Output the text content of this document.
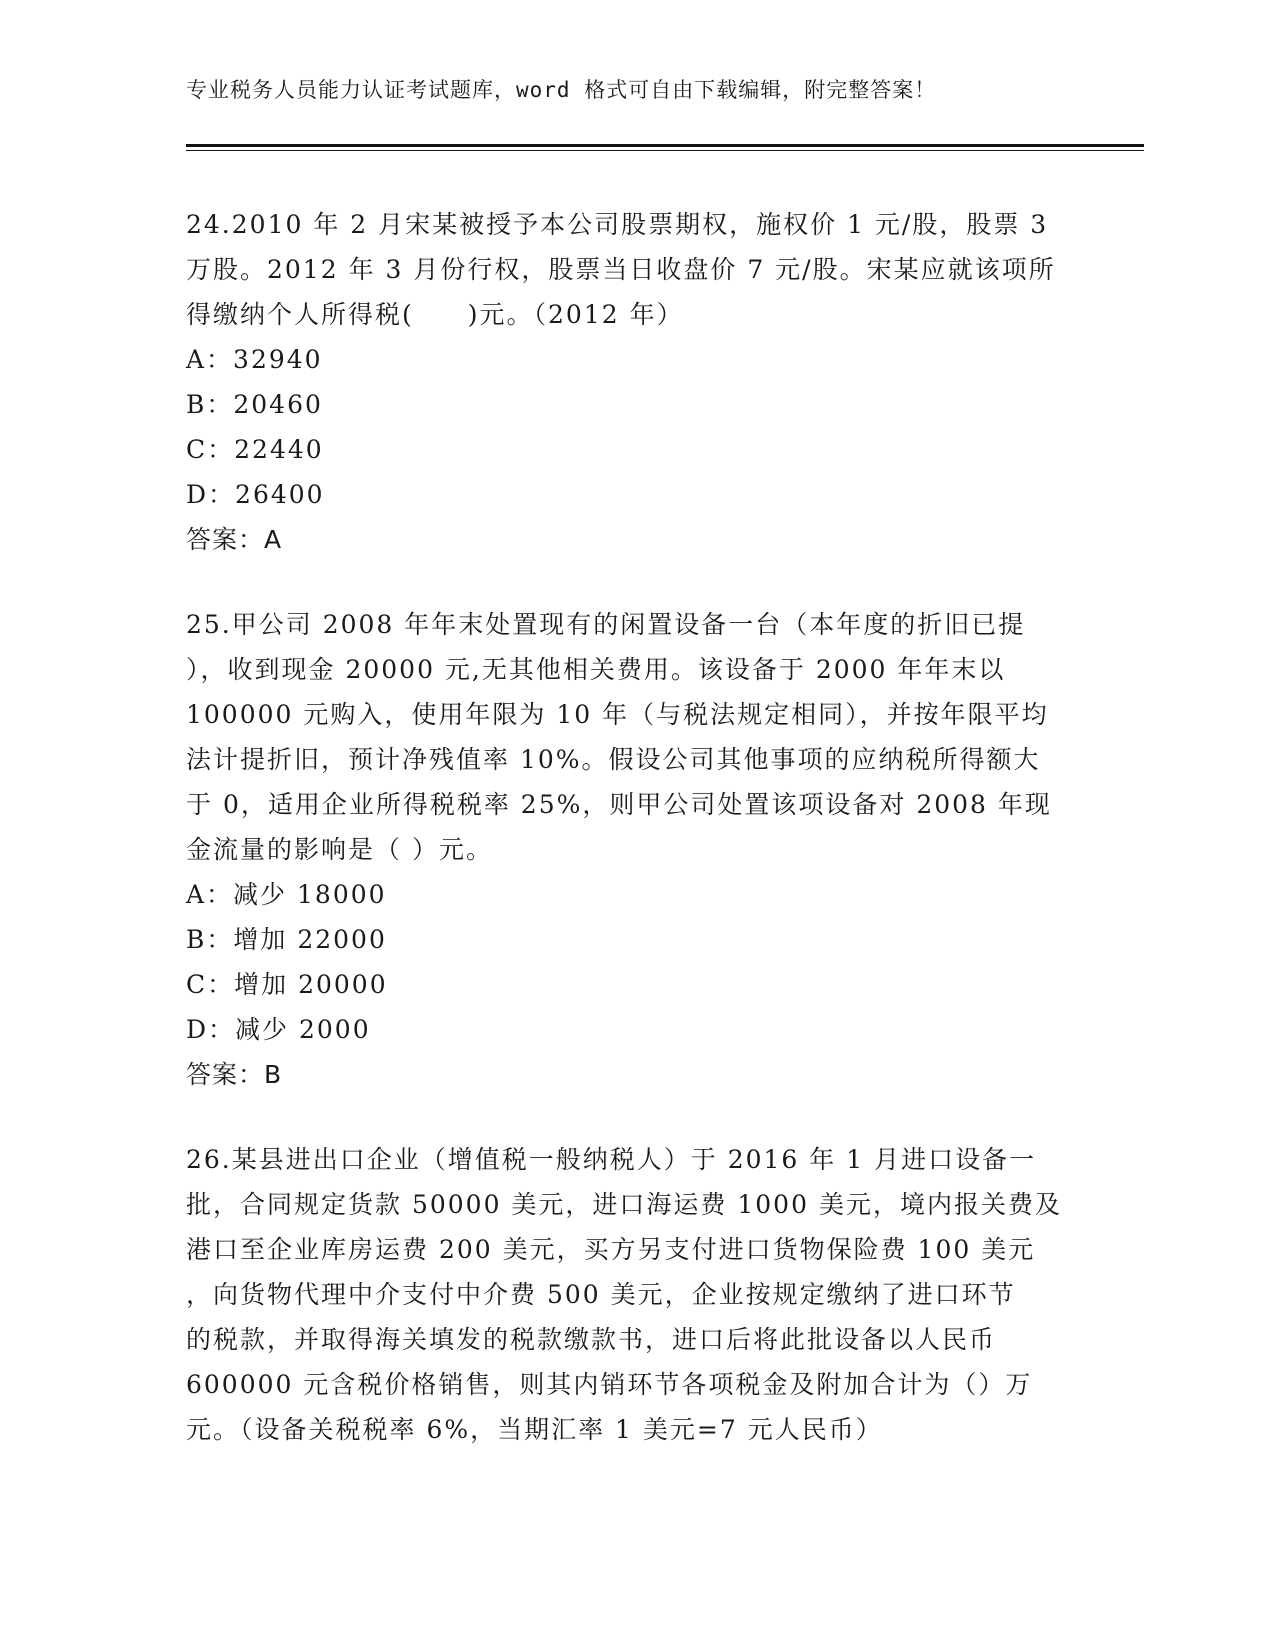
专业税务人员能力认证考试题库，word 格式可自由下载编辑，附完整答案！
24.2010 年 2 月宋某被授予本公司股票期权，施权价 1 元/股，股票 3
万股。2012 年 3 月份行权，股票当日收盘价 7 元/股。宋某应就该项所
得缴纳个人所得税(　　)元。（2012 年）
A：32940
B：20460
C：22440
D：26400
答案：A
25.甲公司 2008 年年末处置现有的闲置设备一台（本年度的折旧已提
），收到现金 20000 元,无其他相关费用。该设备于 2000 年年末以
100000 元购入，使用年限为 10 年（与税法规定相同），并按年限平均
法计提折旧，预计净残值率 10%。假设公司其他事项的应纳税所得额大
于 0，适用企业所得税税率 25%，则甲公司处置该项设备对 2008 年现
金流量的影响是（ ）元。
A：减少 18000
B：增加 22000
C：增加 20000
D：减少 2000
答案：B
26.某县进出口企业（增值税一般纳税人）于 2016 年 1 月进口设备一
批，合同规定货款 50000 美元，进口海运费 1000 美元，境内报关费及
港口至企业库房运费 200 美元，买方另支付进口货物保险费 100 美元
，向货物代理中介支付中介费 500 美元，企业按规定缴纳了进口环节
的税款，并取得海关填发的税款缴款书，进口后将此批设备以人民币
600000 元含税价格销售，则其内销环节各项税金及附加合计为（）万
元。（设备关税税率 6%，当期汇率 1 美元=7 元人民币）
